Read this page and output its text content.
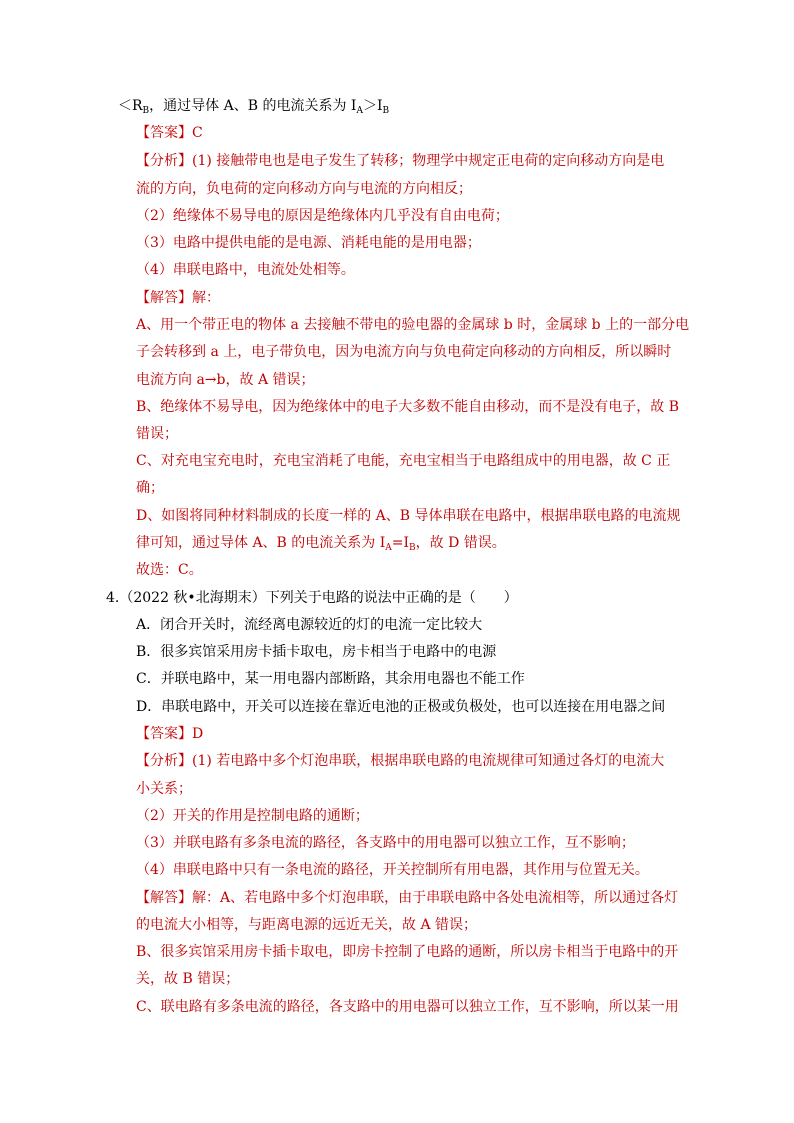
$<R_B$，通过导体 A、B 的电流关系为 $I_A>I_B$
【答案】C
【分析】(1) 接触带电也是电子发生了转移；物理学中规定正电荷的定向移动方向是电
流的方向，负电荷的定向移动方向与电流的方向相反；
（2）绝缘体不易导电的原因是绝缘体内几乎没有自由电荷；
（3）电路中提供电能的是电源、消耗电能的是用电器；
（4）串联电路中，电流处处相等。
【解答】解：
A、用一个带正电的物体 a 去接触不带电的验电器的金属球 b 时，金属球 b 上的一部分电
子会转移到 a 上，电子带负电，因为电流方向与负电荷定向移动的方向相反，所以瞬时
电流方向 a→b，故 A 错误；
B、绝缘体不易导电，因为绝缘体中的电子大多数不能自由移动，而不是没有电子，故 B
错误；
C、对充电宝充电时，充电宝消耗了电能，充电宝相当于电路组成中的用电器，故 C 正
确；
D、如图将同种材料制成的长度一样的 A、B 导体串联在电路中，根据串联电路的电流规
律可知，通过导体 A、B 的电流关系为 $I_A=I_B$，故 D 错误。
故选：C。
4.（2022 秋•北海期末）下列关于电路的说法中正确的是（　　）
A．闭合开关时，流经离电源较近的灯的电流一定比较大
B．很多宾馆采用房卡插卡取电，房卡相当于电路中的电源
C．并联电路中，某一用电器内部断路，其余用电器也不能工作
D．串联电路中，开关可以连接在靠近电池的正极或负极处，也可以连接在用电器之间
【答案】D
【分析】(1) 若电路中多个灯泡串联，根据串联电路的电流规律可知通过各灯的电流大
小关系；
（2）开关的作用是控制电路的通断；
（3）并联电路有多条电流的路径，各支路中的用电器可以独立工作，互不影响；
（4）串联电路中只有一条电流的路径，开关控制所有用电器，其作用与位置无关。
【解答】解：A、若电路中多个灯泡串联，由于串联电路中各处电流相等，所以通过各灯
的电流大小相等，与距离电源的远近无关，故 A 错误；
B、很多宾馆采用房卡插卡取电，即房卡控制了电路的通断，所以房卡相当于电路中的开
关，故 B 错误；
C、联电路有多条电流的路径，各支路中的用电器可以独立工作，互不影响，所以某一用
